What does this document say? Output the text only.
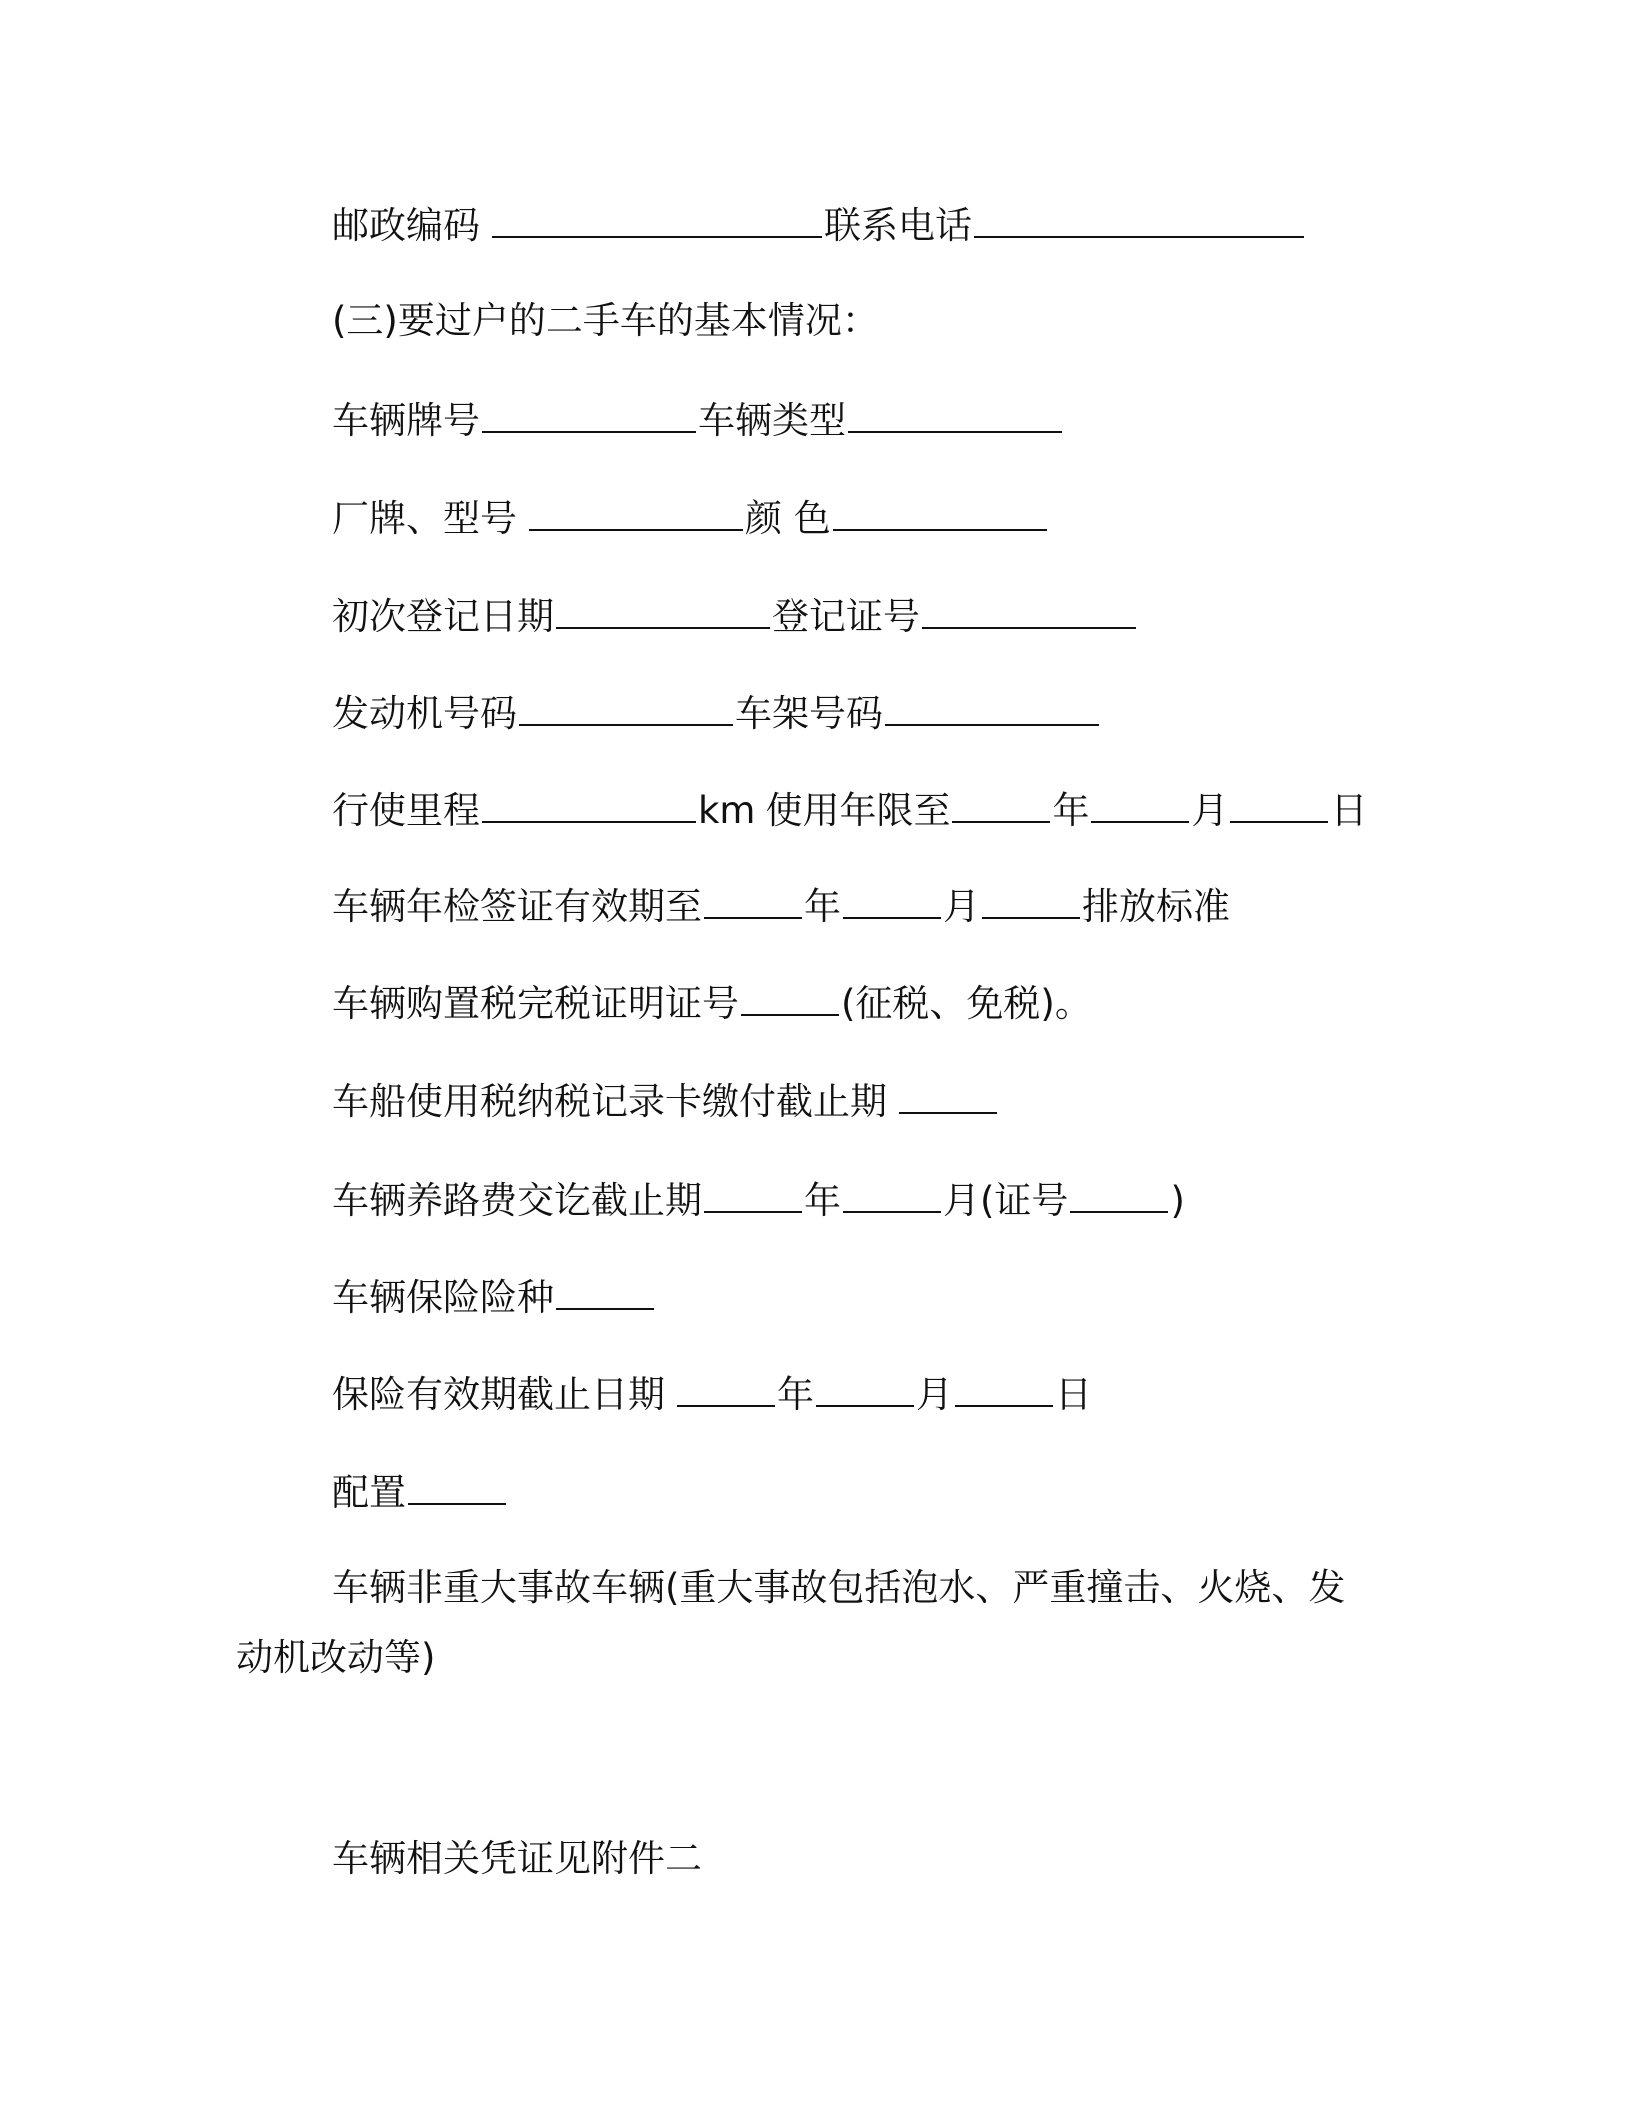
邮政编码	联系电话
(三)要过户的二手车的基本情况：
车辆牌号	车辆类型
厂牌、型号	颜 色
初次登记日期	登记证号
发动机号码	车架号码
行使里程	km 使用年限至	年	月	日
车辆年检签证有效期至	年	月	排放标准
车辆购置税完税证明证号	(征税、免税)。
车船使用税纳税记录卡缴付截止期
车辆养路费交讫截止期	年	月(证号	)
车辆保险险种
保险有效期截止日期	年	月	日
配置
车辆非重大事故车辆(重大事故包括泡水、严重撞击、火烧、发动机改动等)
车辆相关凭证见附件二
